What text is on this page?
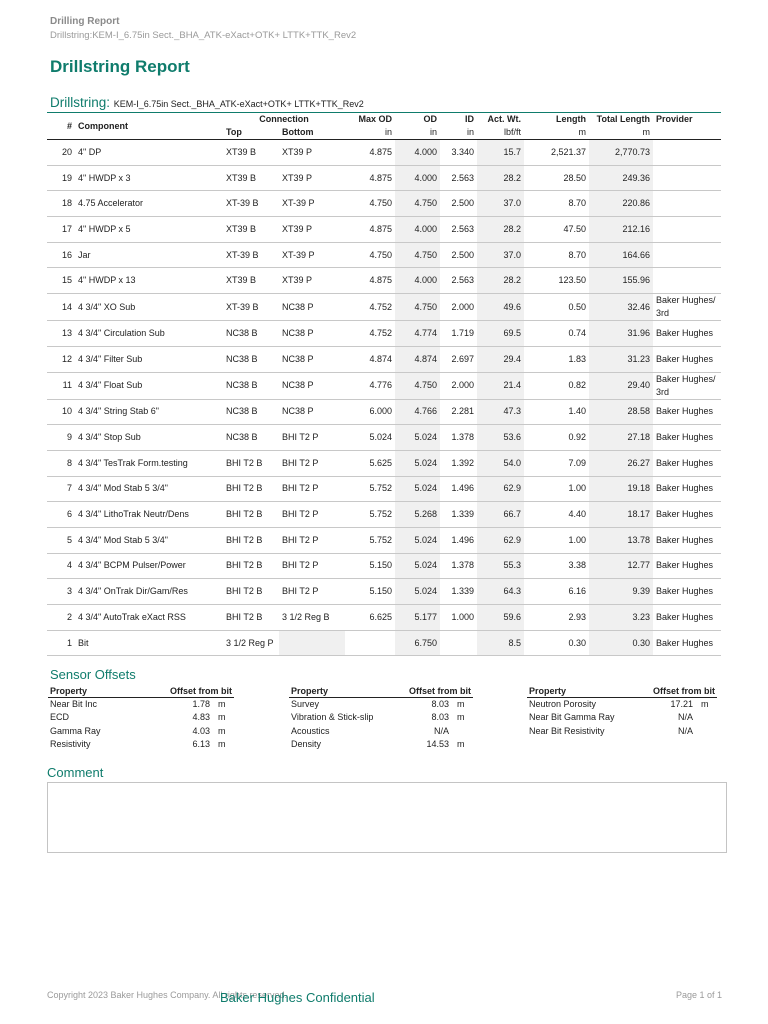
Drilling Report
Drillstring:KEM-I_6.75in Sect._BHA_ATK-eXact+OTK+ LTTK+TTK_Rev2
Drillstring Report
Drillstring: KEM-I_6.75in Sect._BHA_ATK-eXact+OTK+ LTTK+TTK_Rev2
#	Component	Connection		Max OD	OD	ID	Act. Wt.	Length	Total Length	Provider
		Top	Bottom	in	in	in	lbf/ft	m	m	
20	4" DP	XT39 B	XT39 P	4.875	4.000	3.340	15.7	2,521.37	2,770.73	
19	4" HWDP x 3	XT39 B	XT39 P	4.875	4.000	2.563	28.2	28.50	249.36	
18	4.75 Accelerator	XT-39 B	XT-39 P	4.750	4.750	2.500	37.0	8.70	220.86	
17	4" HWDP x 5	XT39 B	XT39 P	4.875	4.000	2.563	28.2	47.50	212.16	
16	Jar	XT-39 B	XT-39 P	4.750	4.750	2.500	37.0	8.70	164.66	
15	4" HWDP x 13	XT39 B	XT39 P	4.875	4.000	2.563	28.2	123.50	155.96	
14	4 3/4" XO Sub	XT-39 B	NC38 P	4.752	4.750	2.000	49.6	0.50	32.46	Baker Hughes/ 3rd
13	4 3/4" Circulation Sub	NC38 B	NC38 P	4.752	4.774	1.719	69.5	0.74	31.96	Baker Hughes
12	4 3/4" Filter Sub	NC38 B	NC38 P	4.874	4.874	2.697	29.4	1.83	31.23	Baker Hughes
11	4 3/4" Float Sub	NC38 B	NC38 P	4.776	4.750	2.000	21.4	0.82	29.40	Baker Hughes/ 3rd
10	4 3/4" String Stab 6"	NC38 B	NC38 P	6.000	4.766	2.281	47.3	1.40	28.58	Baker Hughes
9	4 3/4" Stop Sub	NC38 B	BHI T2 P	5.024	5.024	1.378	53.6	0.92	27.18	Baker Hughes
8	4 3/4" TesTrak Form.testing	BHI T2 B	BHI T2 P	5.625	5.024	1.392	54.0	7.09	26.27	Baker Hughes
7	4 3/4" Mod Stab 5 3/4"	BHI T2 B	BHI T2 P	5.752	5.024	1.496	62.9	1.00	19.18	Baker Hughes
6	4 3/4" LithoTrak Neutr/Dens	BHI T2 B	BHI T2 P	5.752	5.268	1.339	66.7	4.40	18.17	Baker Hughes
5	4 3/4" Mod Stab 5 3/4"	BHI T2 B	BHI T2 P	5.752	5.024	1.496	62.9	1.00	13.78	Baker Hughes
4	4 3/4" BCPM Pulser/Power	BHI T2 B	BHI T2 P	5.150	5.024	1.378	55.3	3.38	12.77	Baker Hughes
3	4 3/4" OnTrak Dir/Gam/Res	BHI T2 B	BHI T2 P	5.150	5.024	1.339	64.3	6.16	9.39	Baker Hughes
2	4 3/4" AutoTrak eXact RSS	BHI T2 B	3 1/2 Reg B	6.625	5.177	1.000	59.6	2.93	3.23	Baker Hughes
1	Bit	3 1/2 Reg P			6.750		8.5	0.30	0.30	Baker Hughes
Sensor Offsets
Property	Offset from bit	
Near Bit Inc	1.78	m
ECD	4.83	m
Gamma Ray	4.03	m
Resistivity	6.13	m
Property	Offset from bit	
Survey	8.03	m
Vibration & Stick-slip	8.03	m
Acoustics	N/A	
Density	14.53	m
Property	Offset from bit	
Neutron Porosity	17.21	m
Near Bit Gamma Ray	N/A	
Near Bit Resistivity	N/A	
Comment
Copyright 2023 Baker Hughes Company. All rights reserved.
Baker Hughes Confidential	Page 1 of 1
